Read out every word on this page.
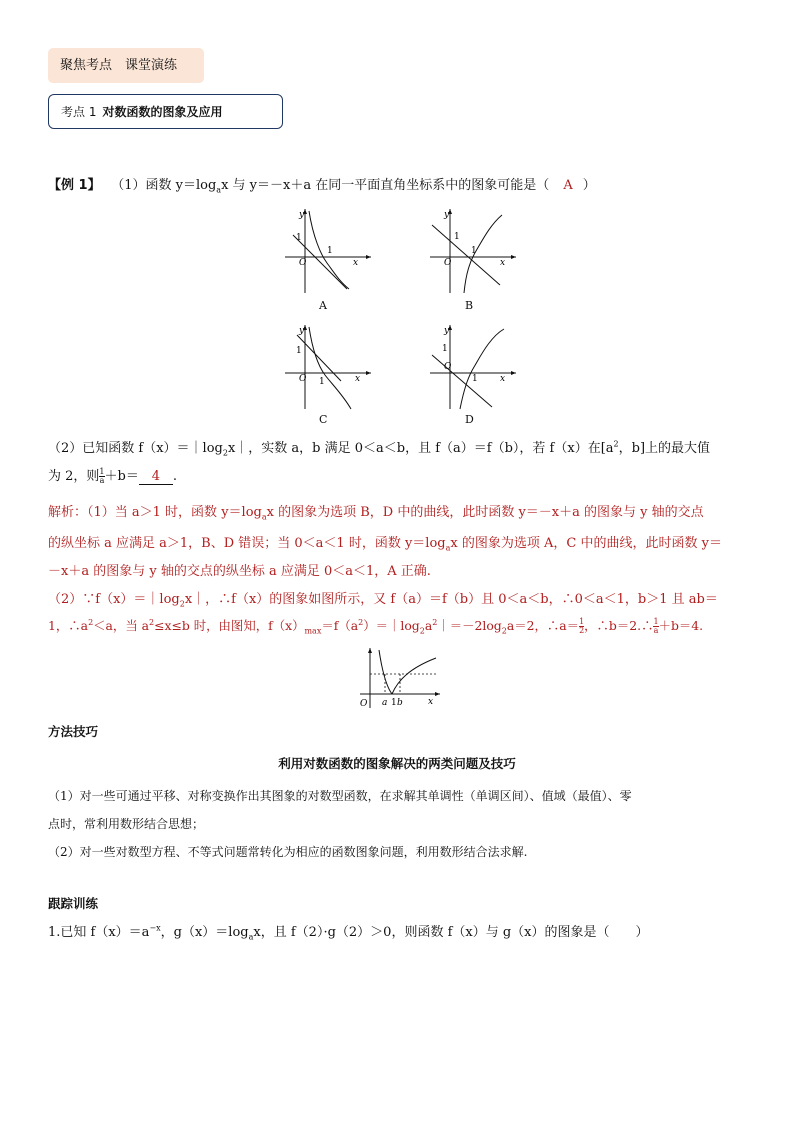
聚焦考点　课堂演练
考点 1 对数函数的图象及应用
【例 1】　 （1）函数 $y=\log_ax$ 与 y＝－x＋a 在同一平面直角坐标系中的图象可能是（ A ）
y
x
O
1
1
A
y
x
O
1
1
B
y
x
O
1
1
C
y
x
O
1
1
D
（2）已知函数 $f(x)=|\log_2x|$，实数 a，b 满足 0＜a＜b，且 f（a）＝f（b），若 f（x）在[$a^2$，b]上的最大值
为 2，则 $\frac{1}{a} +b= 4$ .
解析：（1）当 a＞1 时，函数 $y=\log_ax$ 的图象为选项 B，D 中的曲线，此时函数 y＝－x＋a 的图象与 y 轴的交点
的纵坐标 a 应满足 a＞1，B、D 错误；当 0＜a＜1 时，函数 $y=\log_ax$ 的图象为选项 A，C 中的曲线，此时函数 y＝
－x＋a 的图象与 y 轴的交点的纵坐标 a 应满足 0＜a＜1，A 正确.
$(2)\because f(x)=|\log_2x|$，∴f（x）的图象如图所示，又 f（a）＝f（b）且 0＜a＜b，∴0＜a＜1，b＞1 且 ab＝
1，$\therefore a^2<a$，当 $a^2\le x\le b$ 时，由图知，$f(x)_{max}=f(a^2)=|\log_2a^2|=-2\log_2a=2$，∴a＝ $\frac{1}{2}$ ，∴b＝2.∴ $\frac{1}{a} +b=4$.
O a 1 b	x
方法技巧
利用对数函数的图象解决的两类问题及技巧
（1）对一些可通过平移、对称变换作出其图象的对数型函数，在求解其单调性（单调区间）、值域（最值）、零
点时，常利用数形结合思想；
（2）对一些对数型方程、不等式问题常转化为相应的函数图象问题，利用数形结合法求解.
跟踪训练
1.已知 $f(x)=a^{-x}$，$g(x)=\log_ax$，且 f（2）·g（2）＞0，则函数 f（x）与 g（x）的图象是（　　）
